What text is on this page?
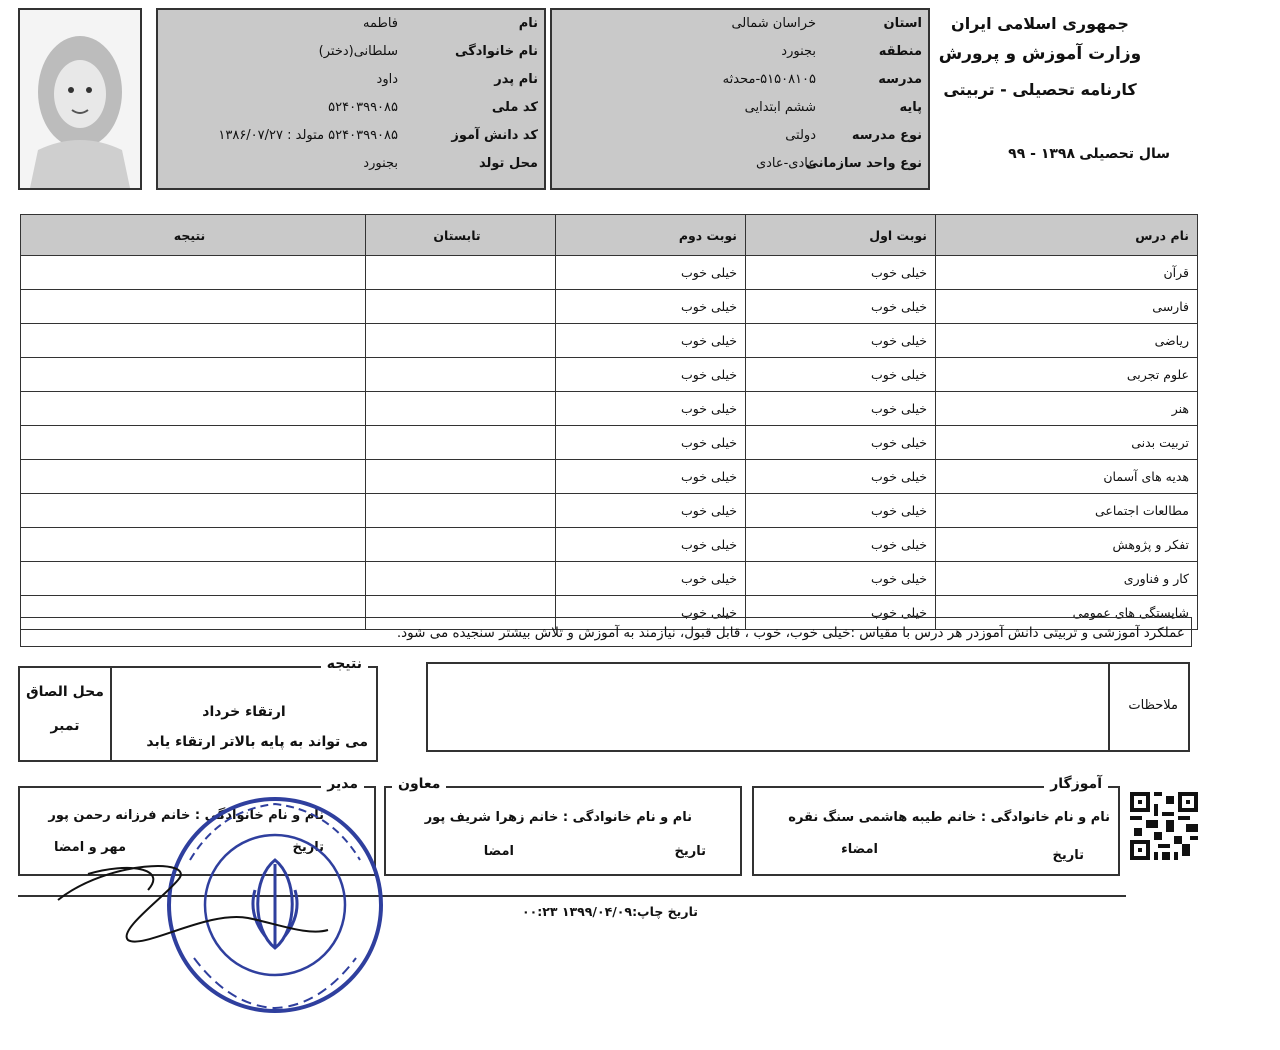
جمهوری اسلامی ایران
وزارت آموزش و پرورش
کارنامه تحصیلی - تربیتی
سال تحصیلی
۹۹ - ۱۳۹۸
استان
خراسان شمالی
منطقه
بجنورد
مدرسه
۵۱۵۰۸۱۰۵-محدثه
پایه
ششم ابتدایی
نوع مدرسه
دولتی
نوع واحد سازمانی
عادی-عادی
نام
فاطمه
نام خانوادگی
سلطانی(دختر)
نام پدر
داود
کد ملی
۵۲۴۰۳۹۹۰۸۵
کد دانش آموز
۵۲۴۰۳۹۹۰۸۵ متولد : ۱۳۸۶/۰۷/۲۷
محل تولد
بجنورد
نام درس	نوبت اول	نوبت دوم	تابستان	نتیجه
قرآن	خیلی خوب	خیلی خوب		
فارسی	خیلی خوب	خیلی خوب		
ریاضی	خیلی خوب	خیلی خوب		
علوم تجربی	خیلی خوب	خیلی خوب		
هنر	خیلی خوب	خیلی خوب		
تربیت بدنی	خیلی خوب	خیلی خوب		
هدیه های آسمان	خیلی خوب	خیلی خوب		
مطالعات اجتماعی	خیلی خوب	خیلی خوب		
تفکر و پژوهش	خیلی خوب	خیلی خوب		
کار و فناوری	خیلی خوب	خیلی خوب		
شایستگی های عمومی	خیلی خوب	خیلی خوب		
عملکرد آموزشی و تربیتی دانش آموزدر هر درس با مقیاس :خیلی خوب، خوب ، قابل قبول، نیازمند به آموزش و تلاش بیشتر سنجیده می شود.
ملاحظات
نتیجه
ارتقاء خرداد
می تواند به پایه بالاتر ارتقاء یابد
محل الصاق
تمبر
آموزگار
نام و نام خانوادگی : خانم طیبه هاشمی سنگ نقره
تاریخ
امضاء
معاون
نام و نام خانوادگی : خانم زهرا شریف پور
تاریخ
امضا
مدیر
نام و نام خانوادگی : خانم فرزانه رحمن پور
تاریخ
مهر و امضا
تاریخ چاپ:۱۳۹۹/۰۴/۰۹ ۰۰:۲۳
